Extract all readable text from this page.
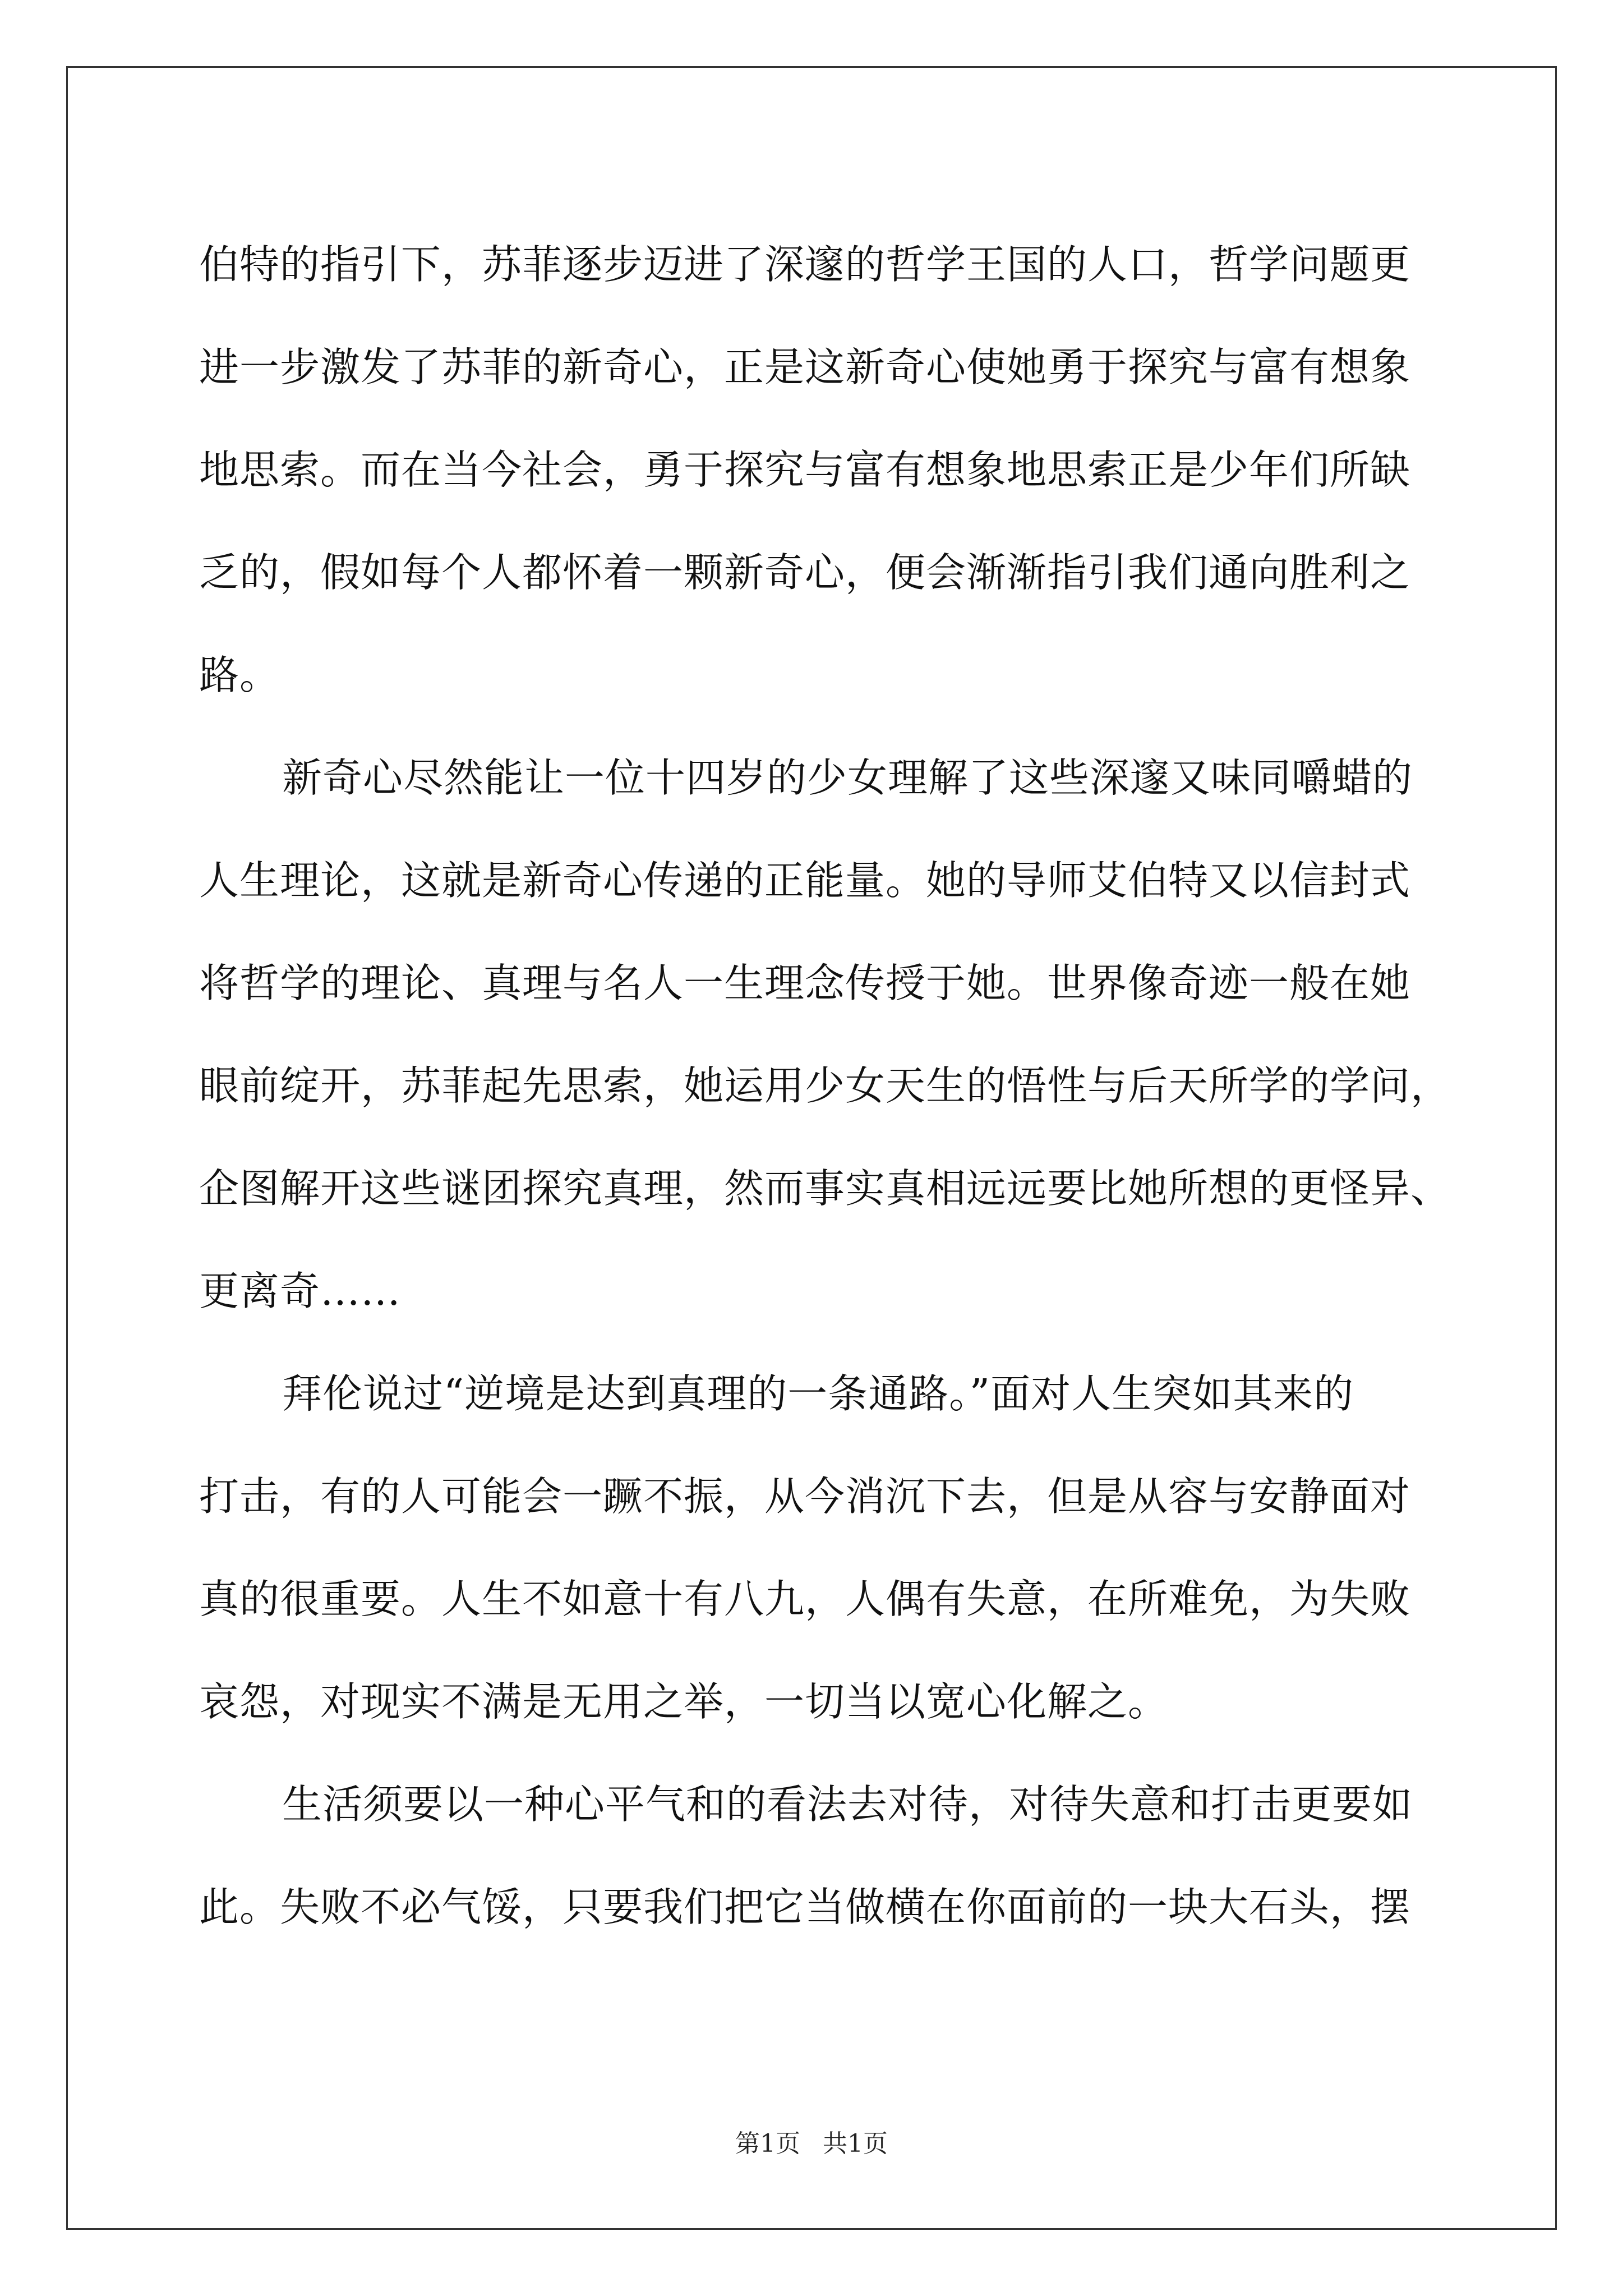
伯特的指引下，苏菲逐步迈进了深邃的哲学王国的人口，哲学问题更
进一步激发了苏菲的新奇心，正是这新奇心使她勇于探究与富有想象
地思索。而在当今社会，勇于探究与富有想象地思索正是少年们所缺
乏的，假如每个人都怀着一颗新奇心，便会渐渐指引我们通向胜利之
路。
新奇心尽然能让一位十四岁的少女理解了这些深邃又味同嚼蜡的
人生理论，这就是新奇心传递的正能量。她的导师艾伯特又以信封式
将哲学的理论、真理与名人一生理念传授于她。世界像奇迹一般在她
眼前绽开，苏菲起先思索，她运用少女天生的悟性与后天所学的学问，
企图解开这些谜团探究真理，然而事实真相远远要比她所想的更怪异、
更离奇……
拜伦说过“逆境是达到真理的一条通路。”面对人生突如其来的
打击，有的人可能会一蹶不振，从今消沉下去，但是从容与安静面对
真的很重要。人生不如意十有八九，人偶有失意，在所难免，为失败
哀怨，对现实不满是无用之举，一切当以宽心化解之。
生活须要以一种心平气和的看法去对待，对待失意和打击更要如
此。失败不必气馁，只要我们把它当做横在你面前的一块大石头，摆
第1页 共1页
